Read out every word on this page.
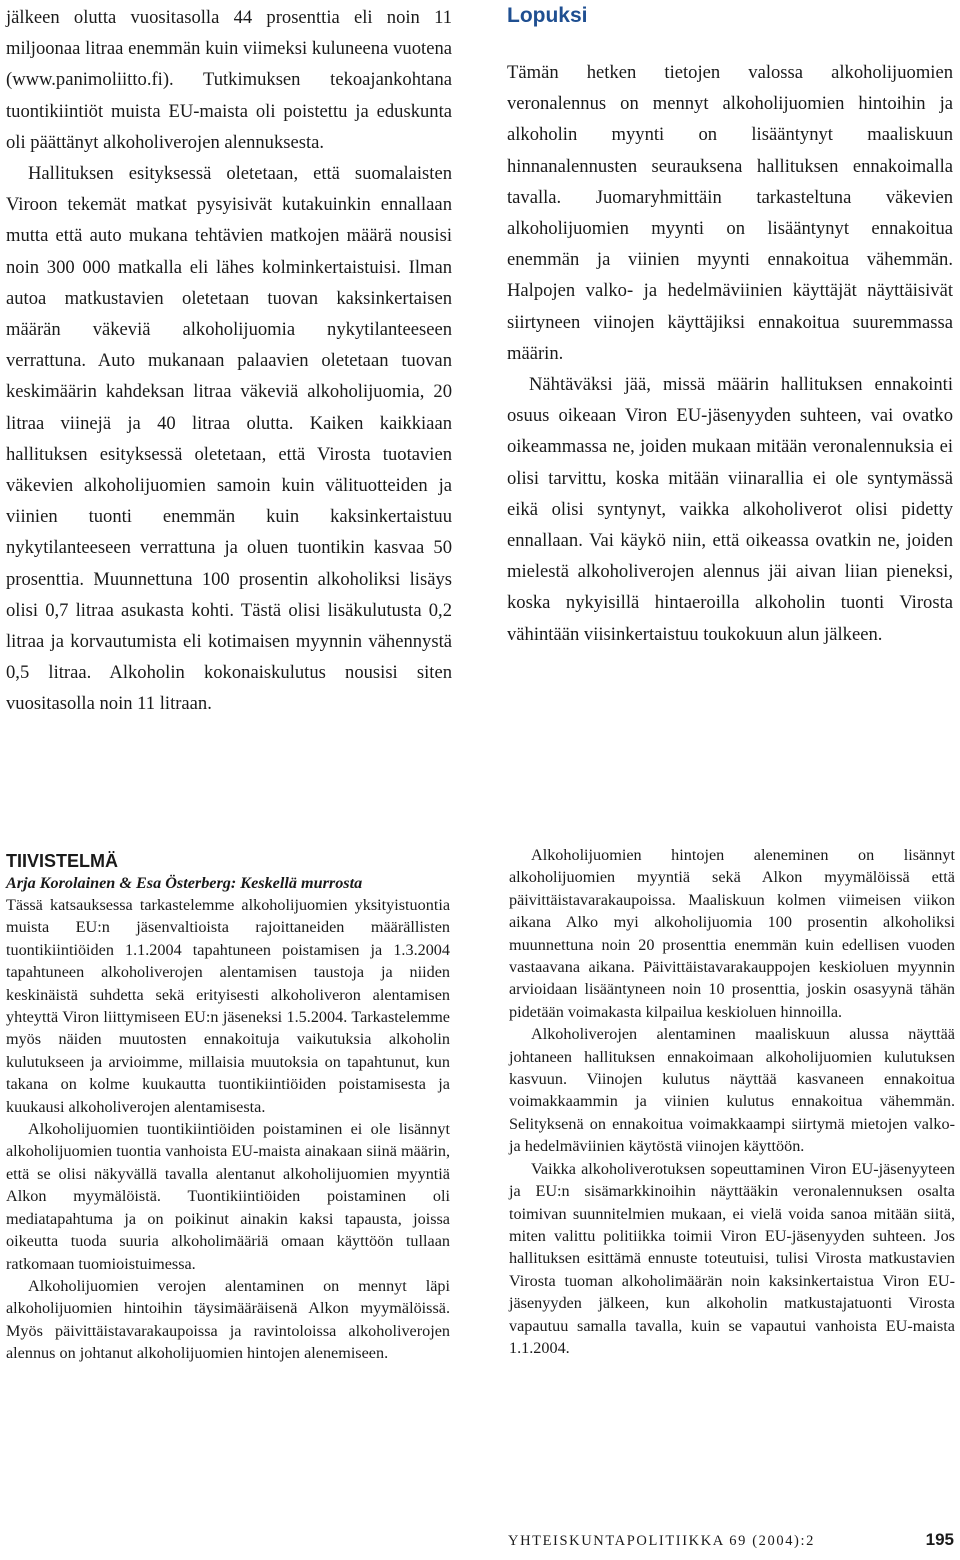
jälkeen olutta vuositasolla 44 prosenttia eli noin 11 miljoonaa litraa enemmän kuin viimeksi kuluneena vuotena (www.panimoliitto.fi). Tutkimuksen tekoajankohtana tuontikiintiöt muista EU-maista oli poistettu ja eduskunta oli päättänyt alkoholiverojen alennuksesta.

Hallituksen esityksessä oletetaan, että suomalaisten Viroon tekemät matkat pysyisivät kutakuinkin ennallaan mutta että auto mukana tehtävien matkojen määrä nousisi noin 300 000 matkalla eli lähes kolminkertaistuisi. Ilman autoa matkustavien oletetaan tuovan kaksinkertaisen määrän väkeviä alkoholijuomia nykytilanteeseen verrattuna. Auto mukanaan palaavien oletetaan tuovan keskimäärin kahdeksan litraa väkeviä alkoholijuomia, 20 litraa viinejä ja 40 litraa olutta. Kaiken kaikkiaan hallituksen esityksessä oletetaan, että Virosta tuotavien väkevien alkoholijuomien samoin kuin välituotteiden ja viinien tuonti enemmän kuin kaksinkertaistuu nykytilanteeseen verrattuna ja oluen tuontikin kasvaa 50 prosenttia. Muunnettuna 100 prosentin alkoholiksi lisäys olisi 0,7 litraa asukasta kohti. Tästä olisi lisäkulutusta 0,2 litraa ja korvautumista eli kotimaisen myynnin vähennystä 0,5 litraa. Alkoholin kokonaiskulutus nousisi siten vuositasolla noin 11 litraan.

Lopuksi

Tämän hetken tietojen valossa alkoholijuomien veronalennus on mennyt alkoholijuomien hintoihin ja alkoholin myynti on lisääntynyt maaliskuun hinnanalennusten seurauksena hallituksen ennakoimalla tavalla. Juomaryhmittäin tarkasteltuna väkevien alkoholijuomien myynti on lisääntynyt ennakoitua enemmän ja viinien myynti ennakoitua vähemmän. Halpojen valko- ja hedelmäviinien käyttäjät näyttäisivät siirtyneen viinojen käyttäjiksi ennakoitua suuremmassa määrin.

Nähtäväksi jää, missä määrin hallituksen ennakointi osuus oikeaan Viron EU-jäsenyyden suhteen, vai ovatko oikeammassa ne, joiden mukaan mitään veronalennuksia ei olisi tarvittu, koska mitään viinarallia ei ole syntymässä eikä olisi syntynyt, vaikka alkoholiverot olisi pidetty ennallaan. Vai käykö niin, että oikeassa ovatkin ne, joiden mielestä alkoholiverojen alennus jäi aivan liian pieneksi, koska nykyisillä hintaeroilla alkoholin tuonti Virosta vähintään viisinkertaistuu toukokuun alun jälkeen.

TIIVISTELMÄ
Arja Korolainen & Esa Österberg: Keskellä murrosta

Tässä katsauksessa tarkastelemme alkoholijuomien yksityistuontia muista EU:n jäsenvaltioista rajoittaneiden määrällisten tuontikiintiöiden 1.1.2004 tapahtuneen poistamisen ja 1.3.2004 tapahtuneen alkoholiverojen alentamisen taustoja ja niiden keskinäistä suhdetta sekä erityisesti alkoholiveron alentamisen yhteyttä Viron liittymiseen EU:n jäseneksi 1.5.2004. Tarkastelemme myös näiden muutosten ennakoituja vaikutuksia alkoholin kulutukseen ja arvioimme, millaisia muutoksia on tapahtunut, kun takana on kolme kuukautta tuontikiintiöiden poistamisesta ja kuukausi alkoholiverojen alentamisesta.

Alkoholijuomien tuontikiintiöiden poistaminen ei ole lisännyt alkoholijuomien tuontia vanhoista EU-maista ainakaan siinä määrin, että se olisi näkyvällä tavalla alentanut alkoholijuomien myyntiä Alkon myymälöistä. Tuontikiintiöiden poistaminen oli mediatapahtuma ja on poikinut ainakin kaksi tapausta, joissa oikeutta tuoda suuria alkoholimääriä omaan käyttöön tullaan ratkomaan tuomioistuimessa.

Alkoholijuomien verojen alentaminen on mennyt läpi alkoholijuomien hintoihin täysimääräisenä Alkon myymälöissä. Myös päivittäistavarakaupoissa ja ravintoloissa alkoholiverojen alennus on johtanut alkoholijuomien hintojen alenemiseen.

Alkoholijuomien hintojen aleneminen on lisännyt alkoholijuomien myyntiä sekä Alkon myymälöissä että päivittäistavarakaupoissa. Maaliskuun kolmen viimeisen viikon aikana Alko myi alkoholijuomia 100 prosentin alkoholiksi muunnettuna noin 20 prosenttia enemmän kuin edellisen vuoden vastaavana aikana. Päivittäistavarakauppojen keskioluen myynnin arvioidaan lisääntyneen noin 10 prosenttia, joskin osasyynä tähän pidetään voimakasta kilpailua keskioluen hinnoilla.

Alkoholiverojen alentaminen maaliskuun alussa näyttää johtaneen hallituksen ennakoimaan alkoholijuomien kulutuksen kasvuun. Viinojen kulutus näyttää kasvaneen ennakoitua voimakkaammin ja viinien kulutus ennakoitua vähemmän. Selityksenä on ennakoitua voimakkaampi siirtymä mietojen valko- ja hedelmäviinien käytöstä viinojen käyttöön.

Vaikka alkoholiverotuksen sopeuttaminen Viron EU-jäsenyyteen ja EU:n sisämarkkinoihin näyttääkin veronalennuksen osalta toimivan suunnitelmien mukaan, ei vielä voida sanoa mitään siitä, miten valittu politiikka toimii Viron EU-jäsenyyden suhteen. Jos hallituksen esittämä ennuste toteutuisi, tulisi Virosta matkustavien Virosta tuoman alkoholimäärän noin kaksinkertaistua Viron EU-jäsenyyden jälkeen, kun alkoholin matkustajatuonti Virosta vapautuu samalla tavalla, kuin se vapautui vanhoista EU-maista 1.1.2004.

YHTEISKUNTAPOLITIIKKA 69 (2004):2	195
